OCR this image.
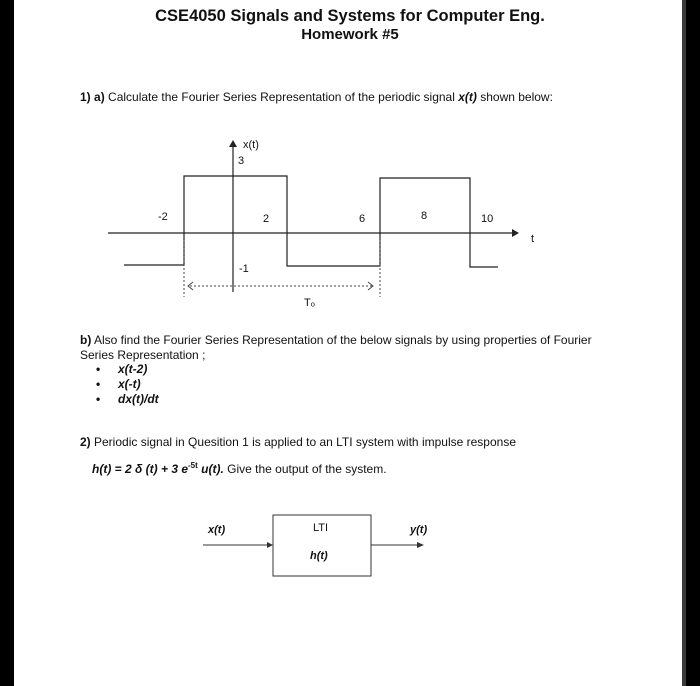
CSE4050 Signals and Systems for Computer Eng.
Homework #5
1) a) Calculate the Fourier Series Representation of the periodic signal x(t) shown below:
x(t)
3
-1
t
-2	2	6	8	10
Tₒ
x(t)	LTI
h(t)
y(t)
b) Also find the Fourier Series Representation of the below signals by using properties of Fourier Series Representation ;
• x(t-2)
• x(-t)
• dx(t)/dt
2) Periodic signal in Quesition 1 is applied to an LTI system with impulse response
h(t) = 2 δ (t) + 3 $e^{-5t}$ u(t). Give the output of the system.
